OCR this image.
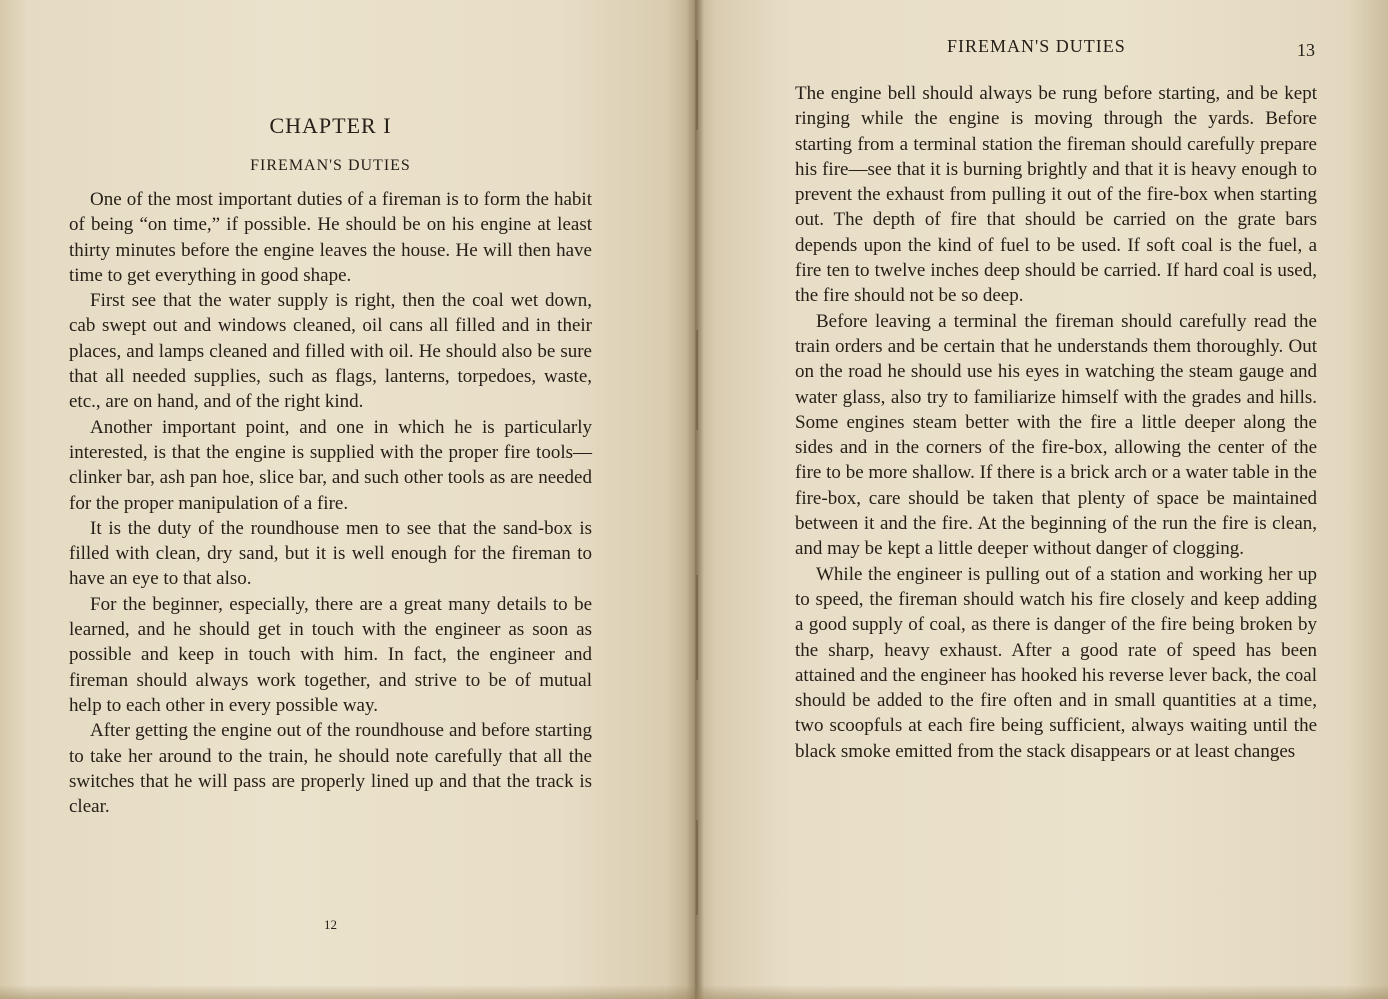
CHAPTER I
FIREMAN'S DUTIES

One of the most important duties of a fireman is to form the habit of being “on time,” if possible. He should be on his engine at least thirty minutes before the engine leaves the house. He will then have time to get everything in good shape.

First see that the water supply is right, then the coal wet down, cab swept out and windows cleaned, oil cans all filled and in their places, and lamps cleaned and filled with oil. He should also be sure that all needed supplies, such as flags, lanterns, torpedoes, waste, etc., are on hand, and of the right kind.

Another important point, and one in which he is particularly interested, is that the engine is supplied with the proper fire tools—clinker bar, ash pan hoe, slice bar, and such other tools as are needed for the proper manipulation of a fire.

It is the duty of the roundhouse men to see that the sand-box is filled with clean, dry sand, but it is well enough for the fireman to have an eye to that also.

For the beginner, especially, there are a great many details to be learned, and he should get in touch with the engineer as soon as possible and keep in touch with him. In fact, the engineer and fireman should always work together, and strive to be of mutual help to each other in every possible way.

After getting the engine out of the roundhouse and before starting to take her around to the train, he should note carefully that all the switches that he will pass are properly lined up and that the track is clear.

12
FIREMAN'S DUTIES	13

The engine bell should always be rung before starting, and be kept ringing while the engine is moving through the yards. Before starting from a terminal station the fireman should carefully prepare his fire—see that it is burning brightly and that it is heavy enough to prevent the exhaust from pulling it out of the fire-box when starting out. The depth of fire that should be carried on the grate bars depends upon the kind of fuel to be used. If soft coal is the fuel, a fire ten to twelve inches deep should be carried. If hard coal is used, the fire should not be so deep.

Before leaving a terminal the fireman should carefully read the train orders and be certain that he understands them thoroughly. Out on the road he should use his eyes in watching the steam gauge and water glass, also try to familiarize himself with the grades and hills. Some engines steam better with the fire a little deeper along the sides and in the corners of the fire-box, allowing the center of the fire to be more shallow. If there is a brick arch or a water table in the fire-box, care should be taken that plenty of space be maintained between it and the fire. At the beginning of the run the fire is clean, and may be kept a little deeper without danger of clogging.

While the engineer is pulling out of a station and working her up to speed, the fireman should watch his fire closely and keep adding a good supply of coal, as there is danger of the fire being broken by the sharp, heavy exhaust. After a good rate of speed has been attained and the engineer has hooked his reverse lever back, the coal should be added to the fire often and in small quantities at a time, two scoopfuls at each fire being sufficient, always waiting until the black smoke emitted from the stack disappears or at least changes
